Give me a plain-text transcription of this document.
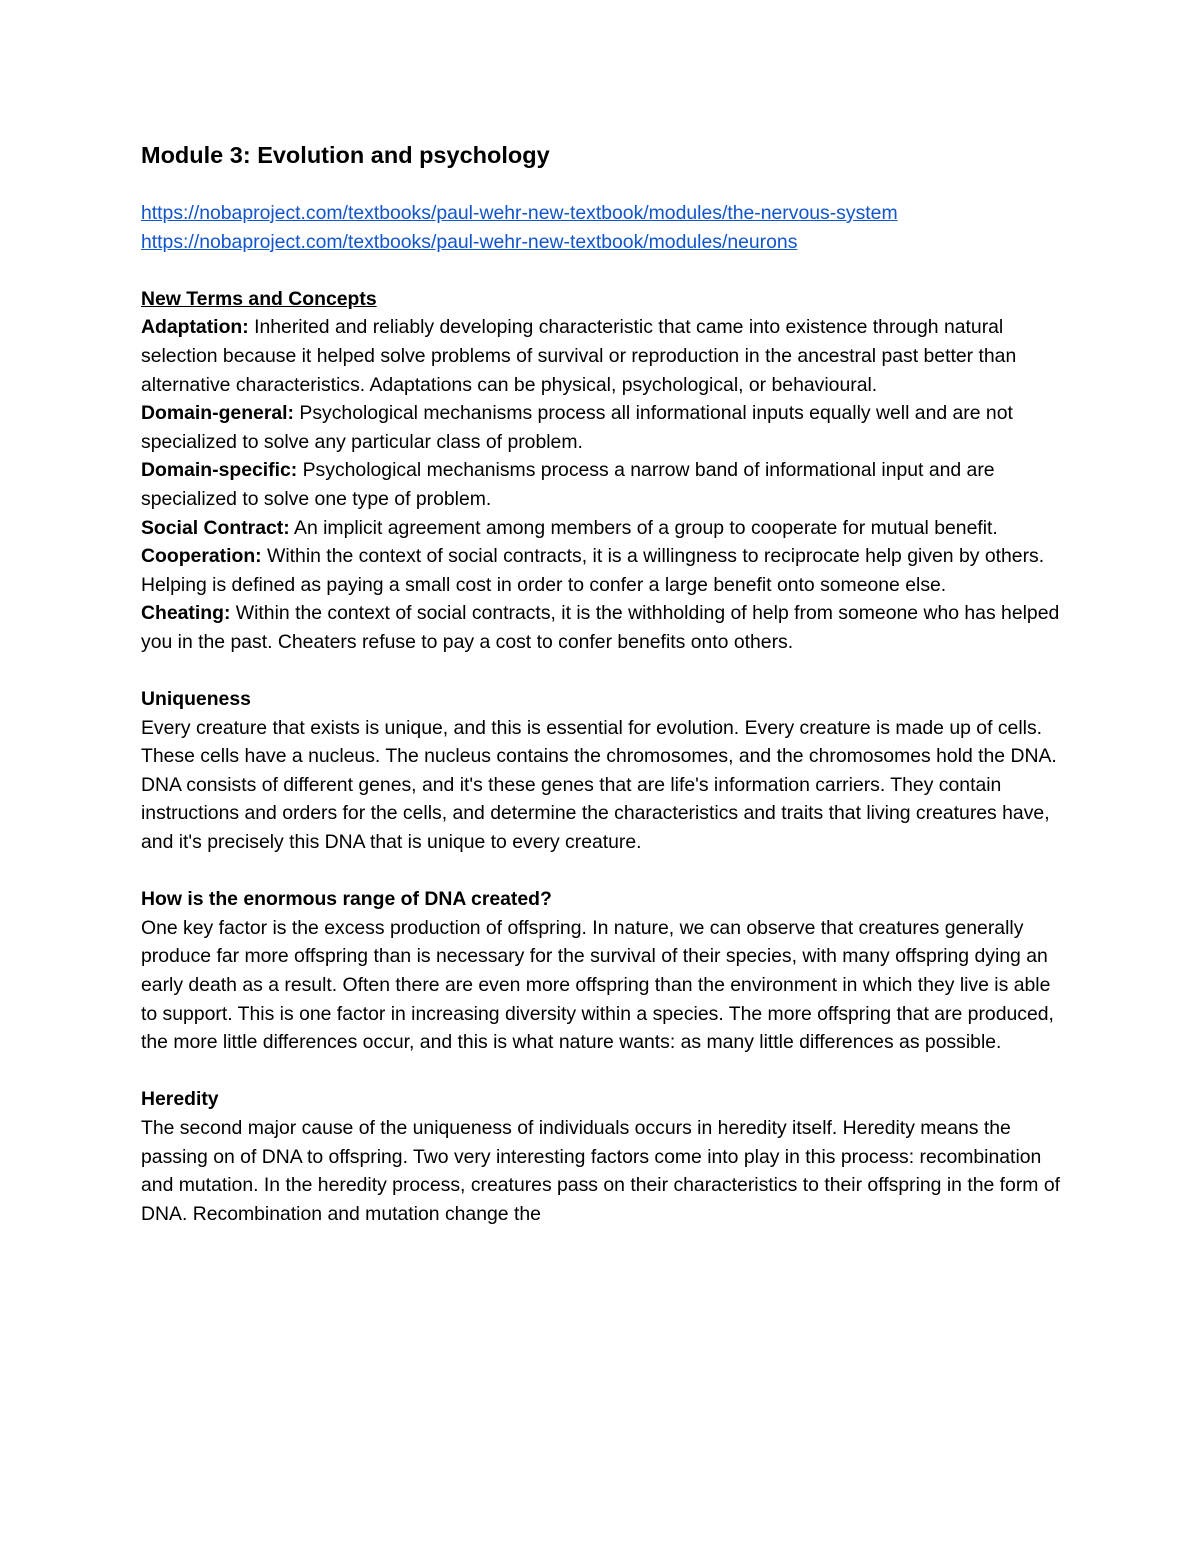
Module 3: Evolution and psychology
https://nobaproject.com/textbooks/paul-wehr-new-textbook/modules/the-nervous-system
https://nobaproject.com/textbooks/paul-wehr-new-textbook/modules/neurons
New Terms and Concepts

Adaptation: Inherited and reliably developing characteristic that came into existence through natural selection because it helped solve problems of survival or reproduction in the ancestral past better than alternative characteristics. Adaptations can be physical, psychological, or behavioural.

Domain-general: Psychological mechanisms process all informational inputs equally well and are not specialized to solve any particular class of problem.

Domain-specific: Psychological mechanisms process a narrow band of informational input and are specialized to solve one type of problem.

Social Contract: An implicit agreement among members of a group to cooperate for mutual benefit.

Cooperation: Within the context of social contracts, it is a willingness to reciprocate help given by others. Helping is defined as paying a small cost in order to confer a large benefit onto someone else.

Cheating: Within the context of social contracts, it is the withholding of help from someone who has helped you in the past. Cheaters refuse to pay a cost to confer benefits onto others.

Uniqueness

Every creature that exists is unique, and this is essential for evolution. Every creature is made up of cells. These cells have a nucleus. The nucleus contains the chromosomes, and the chromosomes hold the DNA. DNA consists of different genes, and it's these genes that are life's information carriers. They contain instructions and orders for the cells, and determine the characteristics and traits that living creatures have, and it's precisely this DNA that is unique to every creature.

How is the enormous range of DNA created?

One key factor is the excess production of offspring. In nature, we can observe that creatures generally produce far more offspring than is necessary for the survival of their species, with many offspring dying an early death as a result. Often there are even more offspring than the environment in which they live is able to support. This is one factor in increasing diversity within a species. The more offspring that are produced, the more little differences occur, and this is what nature wants: as many little differences as possible.

Heredity

The second major cause of the uniqueness of individuals occurs in heredity itself. Heredity means the passing on of DNA to offspring. Two very interesting factors come into play in this process: recombination and mutation. In the heredity process, creatures pass on their characteristics to their offspring in the form of DNA. Recombination and mutation change the
